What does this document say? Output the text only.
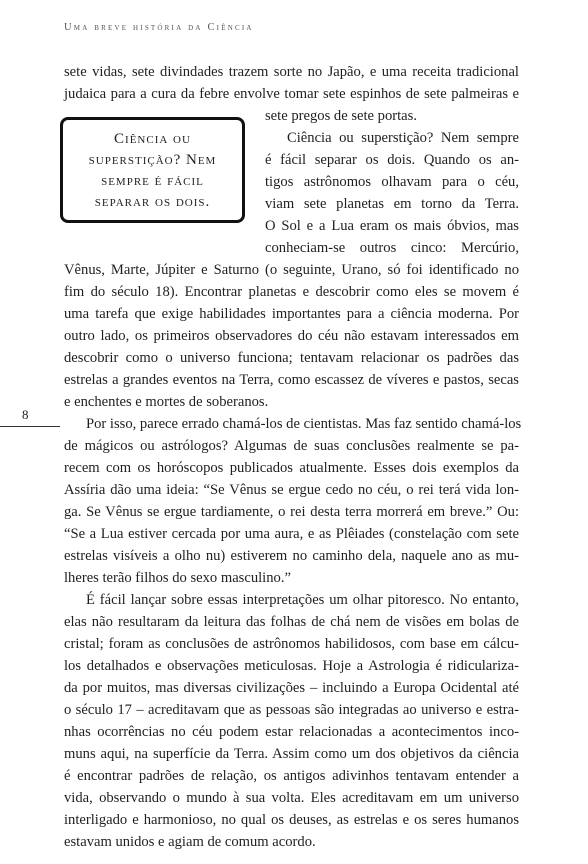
Uma breve história da Ciência
Ciência ou
superstição? Nem
sempre é fácil
separar os dois.
8
sete vidas, sete divindades trazem sorte no Japão, e uma receita tradicional
judaica para a cura da febre envolve tomar sete espinhos de sete palmeiras e
sete pregos de sete portas.
Ciência ou superstição? Nem sempre
é fácil separar os dois. Quando os an-
tigos astrônomos olhavam para o céu,
viam sete planetas em torno da Terra.
O Sol e a Lua eram os mais óbvios, mas
conheciam-se outros cinco: Mercúrio,
Vênus, Marte, Júpiter e Saturno (o seguinte, Urano, só foi identificado no
fim do século 18). Encontrar planetas e descobrir como eles se movem é
uma tarefa que exige habilidades importantes para a ciência moderna. Por
outro lado, os primeiros observadores do céu não estavam interessados em
descobrir como o universo funciona; tentavam relacionar os padrões das
estrelas a grandes eventos na Terra, como escassez de víveres e pastos, secas
e enchentes e mortes de soberanos.
Por isso, parece errado chamá-los de cientistas. Mas faz sentido chamá-los
de mágicos ou astrólogos? Algumas de suas conclusões realmente se pa-
recem com os horóscopos publicados atualmente. Esses dois exemplos da
Assíria dão uma ideia: “Se Vênus se ergue cedo no céu, o rei terá vida lon-
ga. Se Vênus se ergue tardiamente, o rei desta terra morrerá em breve.” Ou:
“Se a Lua estiver cercada por uma aura, e as Plêiades (constelação com sete
estrelas visíveis a olho nu) estiverem no caminho dela, naquele ano as mu-
lheres terão filhos do sexo masculino.”
É fácil lançar sobre essas interpretações um olhar pitoresco. No entanto,
elas não resultaram da leitura das folhas de chá nem de visões em bolas de
cristal; foram as conclusões de astrônomos habilidosos, com base em cálcu-
los detalhados e observações meticulosas. Hoje a Astrologia é ridiculariza-
da por muitos, mas diversas civilizações – incluindo a Europa Ocidental até
o século 17 – acreditavam que as pessoas são integradas ao universo e estra-
nhas ocorrências no céu podem estar relacionadas a acontecimentos inco-
muns aqui, na superfície da Terra. Assim como um dos objetivos da ciência
é encontrar padrões de relação, os antigos adivinhos tentavam entender a
vida, observando o mundo à sua volta. Eles acreditavam em um universo
interligado e harmonioso, no qual os deuses, as estrelas e os seres humanos
estavam unidos e agiam de comum acordo.
